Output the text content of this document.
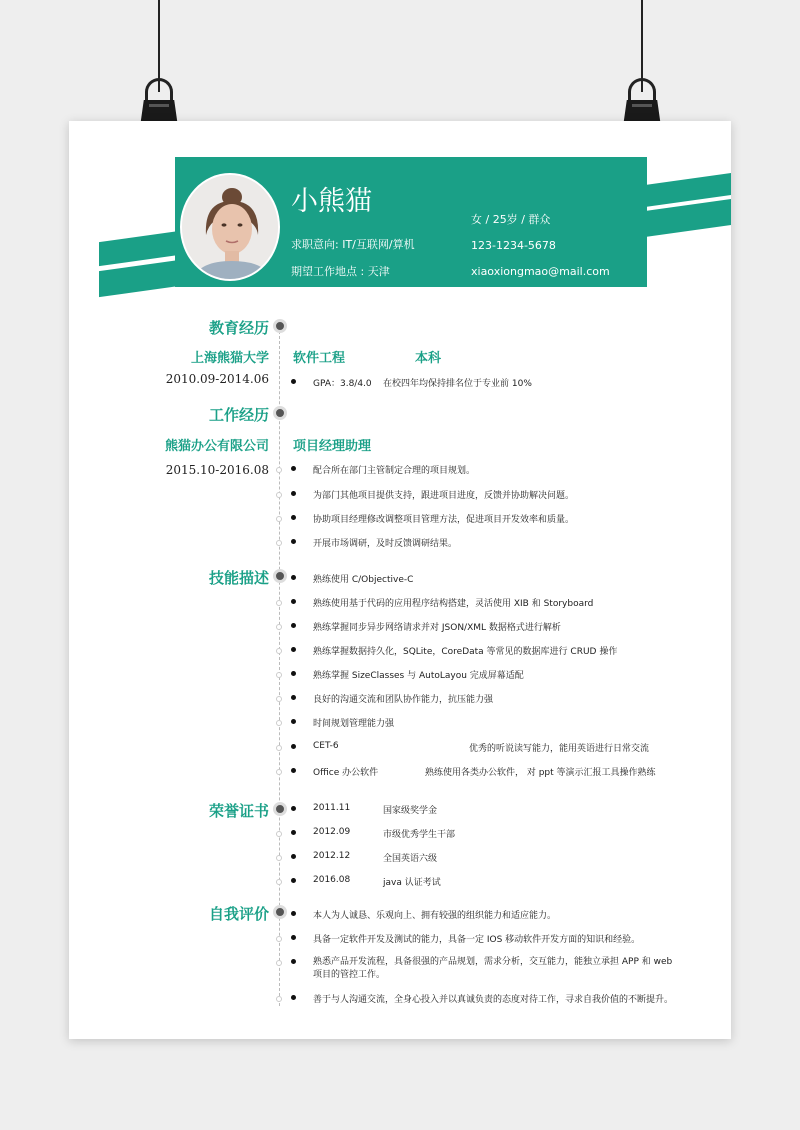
小熊猫
求职意向: IT/互联网/算机
期望工作地点 : 天津
女 / 25岁 / 群众
123-1234-5678
xiaoxiongmao@mail.com
教育经历
上海熊猫大学 软件工程	本科
2010.09-2014.06	GPA：3.8/4.0 在校四年均保持排名位于专业前 10%
工作经历
熊猫办公有限公司 项目经理助理
2015.10-2016.08	配合所在部门主管制定合理的项目规划。
为部门其他项目提供支持，跟进项目进度，反馈并协助解决问题。
协助项目经理修改调整项目管理方法，促进项目开发效率和质量。
开展市场调研，及时反馈调研结果。
技能描述	熟练使用 C/Objective-C
熟练使用基于代码的应用程序结构搭建，灵活使用 XIB 和 Storyboard
熟练掌握同步异步网络请求并对 JSON/XML 数据格式进行解析
熟练掌握数据持久化，SQLite，CoreData 等常见的数据库进行 CRUD 操作
熟练掌握 SizeClasses 与 AutoLayou 完成屏幕适配
良好的沟通交流和团队协作能力，抗压能力强
时间规划管理能力强
CET-6	优秀的听说读写能力，能用英语进行日常交流
Office 办公软件	熟练使用各类办公软件， 对 ppt 等演示汇报工具操作熟练
荣誉证书	2011.11	国家级奖学金
2012.09	市级优秀学生干部
2012.12	全国英语六级
2016.08	java 认证考试
自我评价	本人为人诚恳、乐观向上、拥有较强的组织能力和适应能力。
具备一定软件开发及测试的能力，具备一定 IOS 移动软件开发方面的知识和经验。
熟悉产品开发流程，具备很强的产品规划，需求分析，交互能力，能独立承担 APP 和 web 项目的管控工作。
善于与人沟通交流，全身心投入并以真诚负责的态度对待工作，寻求自我价值的不断提升。
